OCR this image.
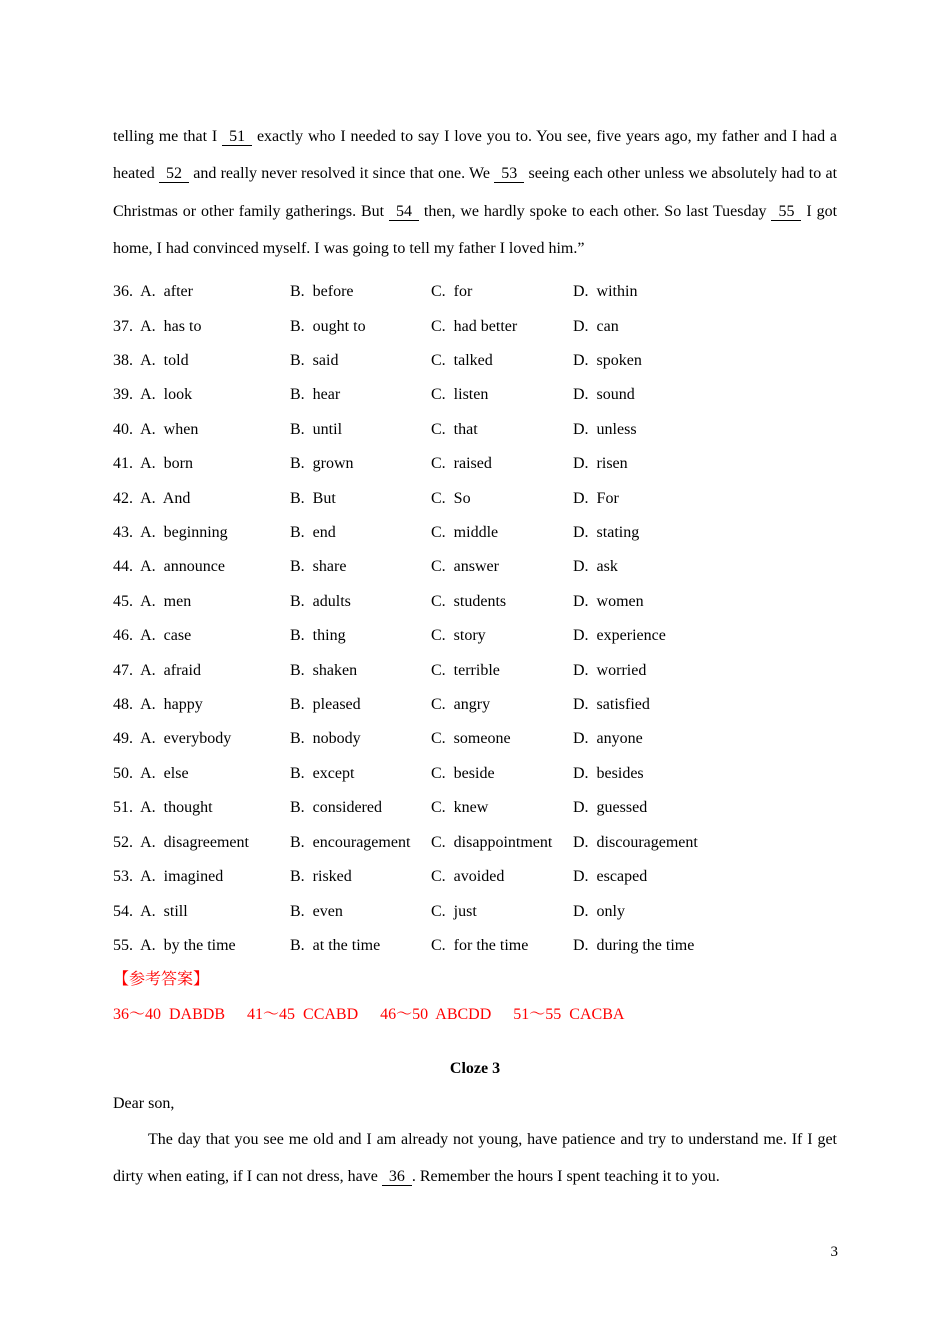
telling me that I 51 exactly who I needed to say I love you to. You see, five years ago, my father and I had a heated 52 and really never resolved it since that one. We 53 seeing each other unless we absolutely had to at Christmas or other family gatherings. But 54 then, we hardly spoke to each other. So last Tuesday 55 I got home, I had convinced myself. I was going to tell my father I loved him.”

36.  A.  after	B.  before	C.  for	D.  within
37.  A.  has to	B.  ought to	C.  had better	D.  can
38.  A.  told	B.  said	C.  talked	D.  spoken
39.  A.  look	B.  hear	C.  listen	D.  sound
40.  A.  when	B.  until	C.  that	D.  unless
41.  A.  born	B.  grown	C.  raised	D.  risen
42.  A.  And	B.  But	C.  So	D.  For
43.  A.  beginning	B.  end	C.  middle	D.  stating
44.  A.  announce	B.  share	C.  answer	D.  ask
45.  A.  men	B.  adults	C.  students	D.  women
46.  A.  case	B.  thing	C.  story	D.  experience
47.  A.  afraid	B.  shaken	C.  terrible	D.  worried
48.  A.  happy	B.  pleased	C.  angry	D.  satisfied
49.  A.  everybody	B.  nobody	C.  someone	D.  anyone
50.  A.  else	B.  except	C.  beside	D.  besides
51.  A.  thought	B.  considered	C.  knew	D.  guessed
52.  A.  disagreement	B.  encouragement	C.  disappointment	D.  discouragement
53.  A.  imagined	B.  risked	C.  avoided	D.  escaped
54.  A.  still	B.  even	C.  just	D.  only
55.  A.  by the time	B.  at the time	C.  for the time	D.  during the time
【参考答案】
36～40  DABDB 41～45  CCABD 46～50  ABCDD 51～55  CACBA
Cloze 3

Dear son,

The day that you see me old and I am already not young, have patience and try to understand me. If I get dirty when eating, if I can not dress, have 36 . Remember the hours I spent teaching it to you.

3
